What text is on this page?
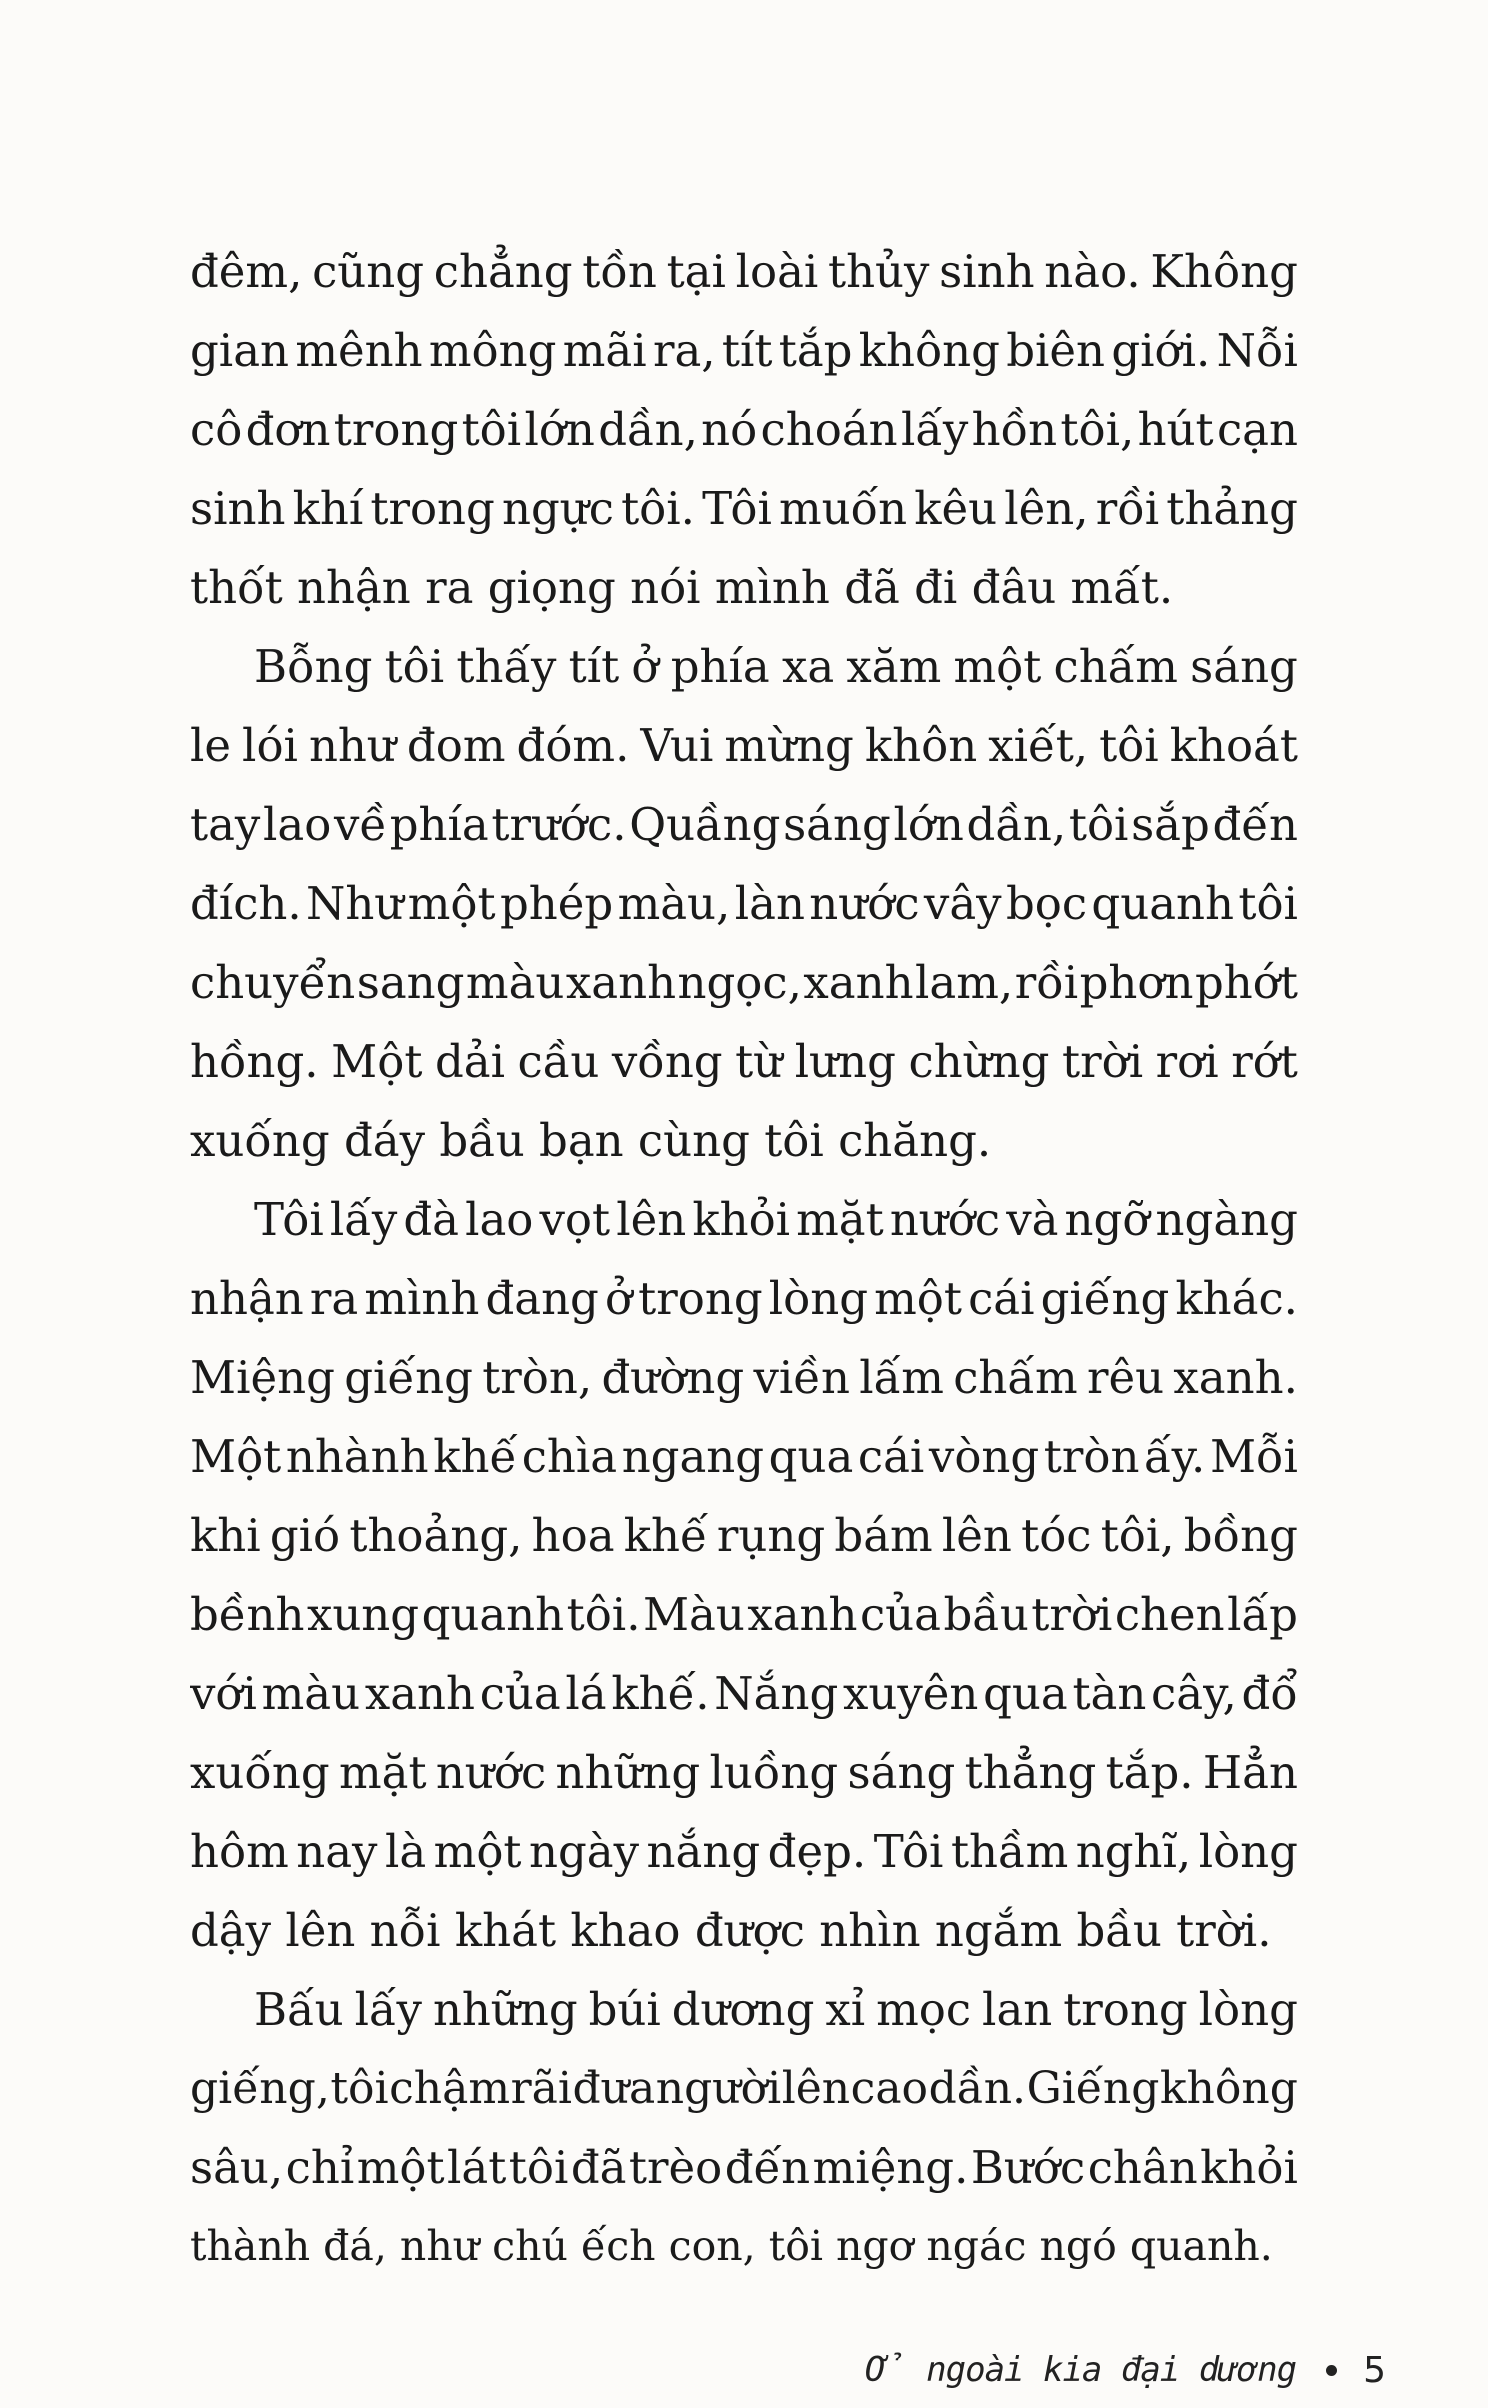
đêm, cũng chẳng tồn tại loài thủy sinh nào. Không
gian mênh mông mãi ra, tít tắp không biên giới. Nỗi
cô đơn trong tôi lớn dần, nó choán lấy hồn tôi, hút cạn
sinh khí trong ngực tôi. Tôi muốn kêu lên, rồi thảng
thốt nhận ra giọng nói mình đã đi đâu mất.
Bỗng tôi thấy tít ở phía xa xăm một chấm sáng
le lói như đom đóm. Vui mừng khôn xiết, tôi khoát
tay lao về phía trước. Quầng sáng lớn dần, tôi sắp đến
đích. Như một phép màu, làn nước vây bọc quanh tôi
chuyển sang màu xanh ngọc, xanh lam, rồi phơn phớt
hồng. Một dải cầu vồng từ lưng chừng trời rơi rớt
xuống đáy bầu bạn cùng tôi chăng.
Tôi lấy đà lao vọt lên khỏi mặt nước và ngỡ ngàng
nhận ra mình đang ở trong lòng một cái giếng khác.
Miệng giếng tròn, đường viền lấm chấm rêu xanh.
Một nhành khế chìa ngang qua cái vòng tròn ấy. Mỗi
khi gió thoảng, hoa khế rụng bám lên tóc tôi, bồng
bềnh xung quanh tôi. Màu xanh của bầu trời chen lấp
với màu xanh của lá khế. Nắng xuyên qua tàn cây, đổ
xuống mặt nước những luồng sáng thẳng tắp. Hẳn
hôm nay là một ngày nắng đẹp. Tôi thầm nghĩ, lòng
dậy lên nỗi khát khao được nhìn ngắm bầu trời.
Bấu lấy những búi dương xỉ mọc lan trong lòng
giếng, tôi chậm rãi đưa người lên cao dần. Giếng không
sâu, chỉ một lát tôi đã trèo đến miệng. Bước chân khỏi
thành đá, như chú ếch con, tôi ngơ ngác ngó quanh.
Ở ngoài kia đại dương 5
